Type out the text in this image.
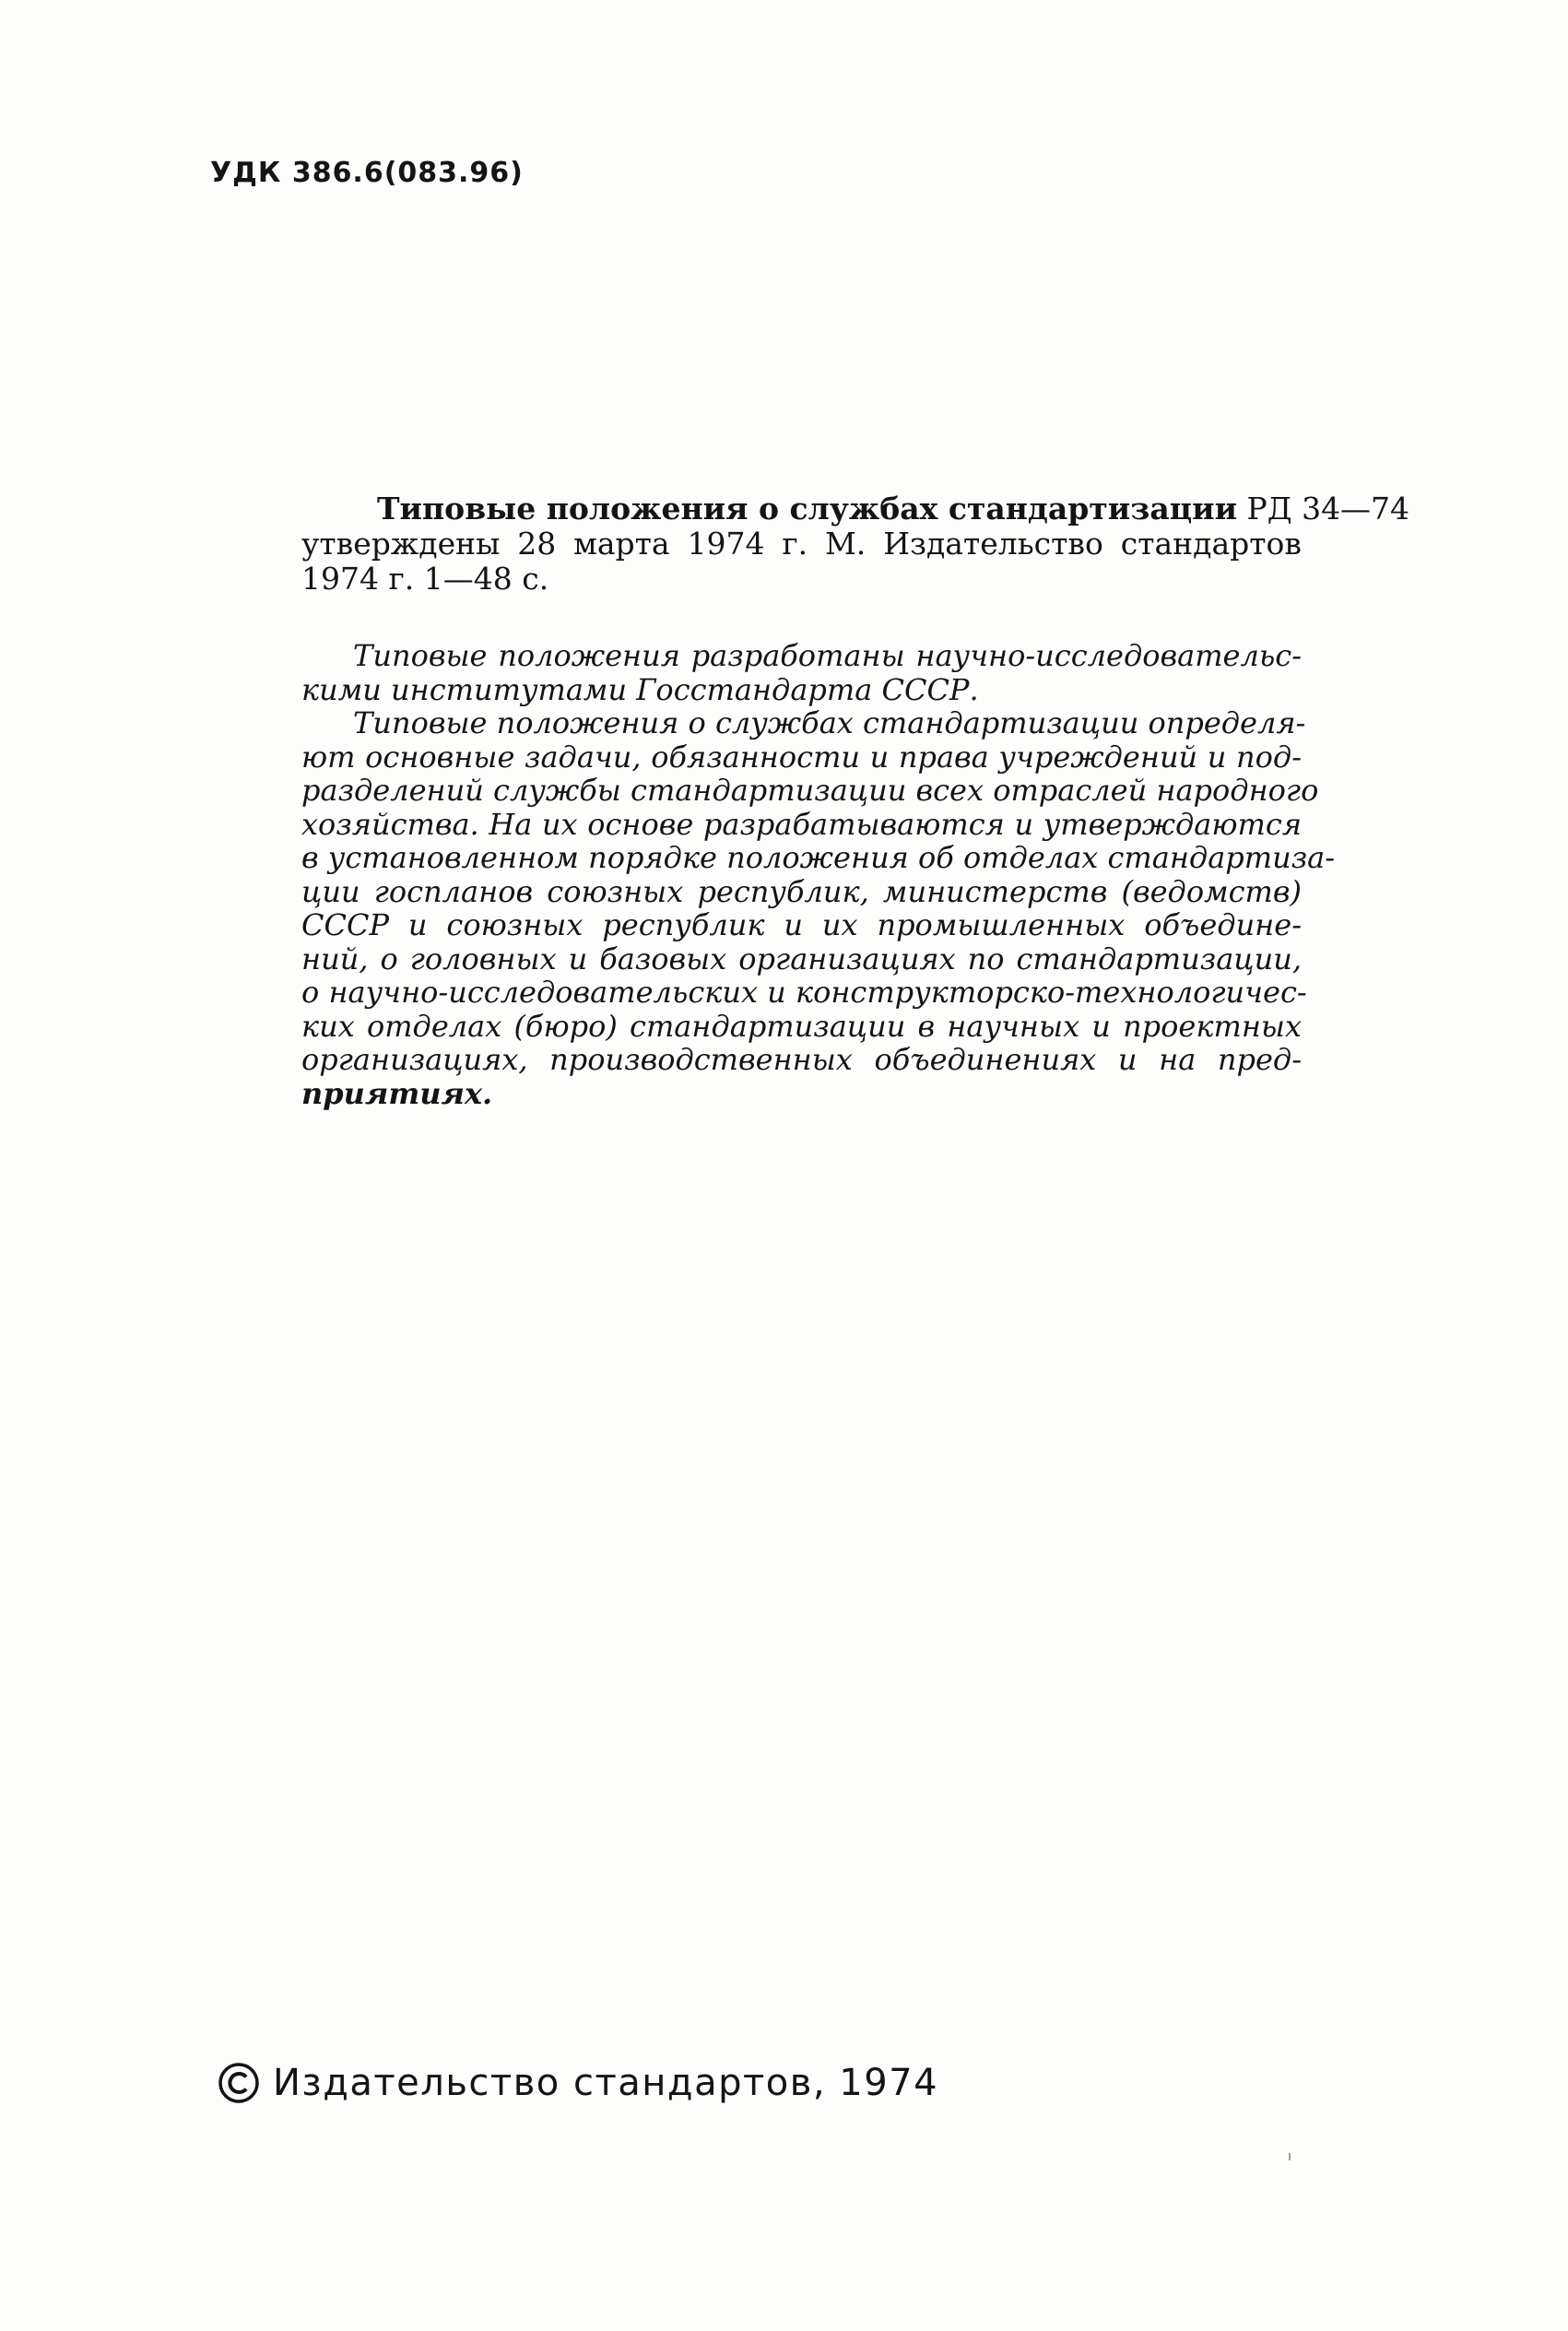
УДК 386.6(083.96)
Типовые положения о службах стандартизации РД 34—74
утверждены 28 марта 1974 г. М. Издательство стандартов
1974 г. 1—48 с.
Типовые положения разработаны научно-исследовательс-
кими институтами Госстандарта СССР.
Типовые положения о службах стандартизации определя-
ют основные задачи, обязанности и права учреждений и под-
разделений службы стандартизации всех отраслей народного
хозяйства. На их основе разрабатываются и утверждаются
в установленном порядке положения об отделах стандартиза-
ции госпланов союзных республик, министерств (ведомств)
СССР и союзных республик и их промышленных объедине-
ний, о головных и базовых организациях по стандартизации,
о научно-исследовательских и конструкторско-технологичес-
ких отделах (бюро) стандартизации в научных и проектных
организациях, производственных объединениях и на пред-
приятиях.
Издательство стандартов, 1974
